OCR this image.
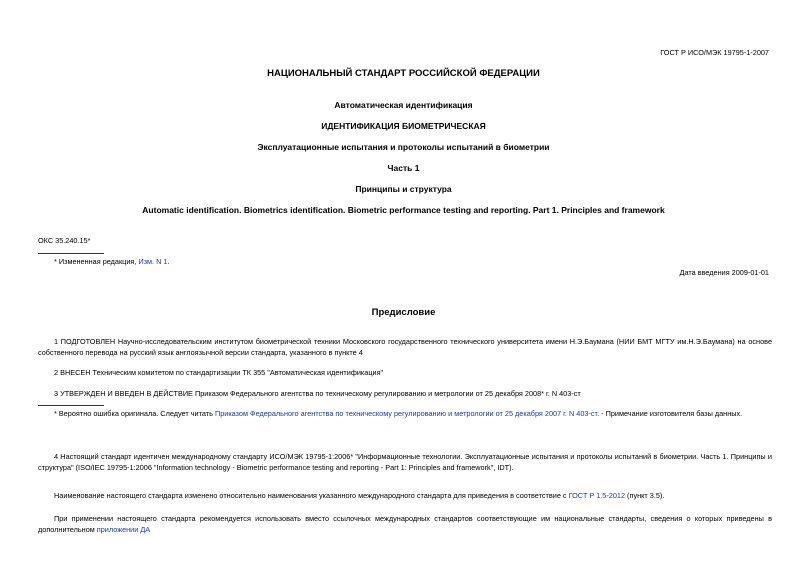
ГОСТ Р ИСО/МЭК 19795-1-2007
НАЦИОНАЛЬНЫЙ СТАНДАРТ РОССИЙСКОЙ ФЕДЕРАЦИИ
Автоматическая идентификация
ИДЕНТИФИКАЦИЯ БИОМЕТРИЧЕСКАЯ
Эксплуатационные испытания и протоколы испытаний в биометрии
Часть 1
Принципы и структура
Automatic identification. Biometrics identification. Biometric performance testing and reporting. Part 1. Principles and framework
ОКС 35.240.15*
* Измененная редакция, Изм. N 1.
Дата введения 2009-01-01
Предисловие
1 ПОДГОТОВЛЕН Научно-исследовательским институтом биометрической техники Московского государственного технического университета имени Н.Э.Баумана (НИИ БМТ МГТУ им.Н.Э.Баумана) на основе собственного перевода на русский язык англоязычной версии стандарта, указанного в пункте 4
2 ВНЕСЕН Техническим комитетом по стандартизации ТК 355 "Автоматическая идентификация"
3 УТВЕРЖДЕН И ВВЕДЕН В ДЕЙСТВИЕ Приказом Федерального агентства по техническому регулированию и метрологии от 25 декабря 2008* г. N 403-ст
* Вероятно ошибка оригинала. Следует читать Приказом Федерального агентства по техническому регулированию и метрологии от 25 декабря 2007 г. N 403-ст. - Примечание изготовителя базы данных.
4 Настоящий стандарт идентичен международному стандарту ИСО/МЭК 19795-1:2006* "Информационные технологии. Эксплуатационные испытания и протоколы испытаний в биометрии. Часть 1. Принципы и структура" (ISO/IEC 19795-1:2006 "Information technology - Biometric performance testing and reporting - Part 1: Principles and framework", IDT).
Наименование настоящего стандарта изменено относительно наименования указанного международного стандарта для приведения в соответствие с ГОСТ Р 1.5-2012 (пункт 3.5).
При применении настоящего стандарта рекомендуется использовать вместо ссылочных международных стандартов соответствующие им национальные стандарты, сведения о которых приведены в дополнительном приложении ДА
